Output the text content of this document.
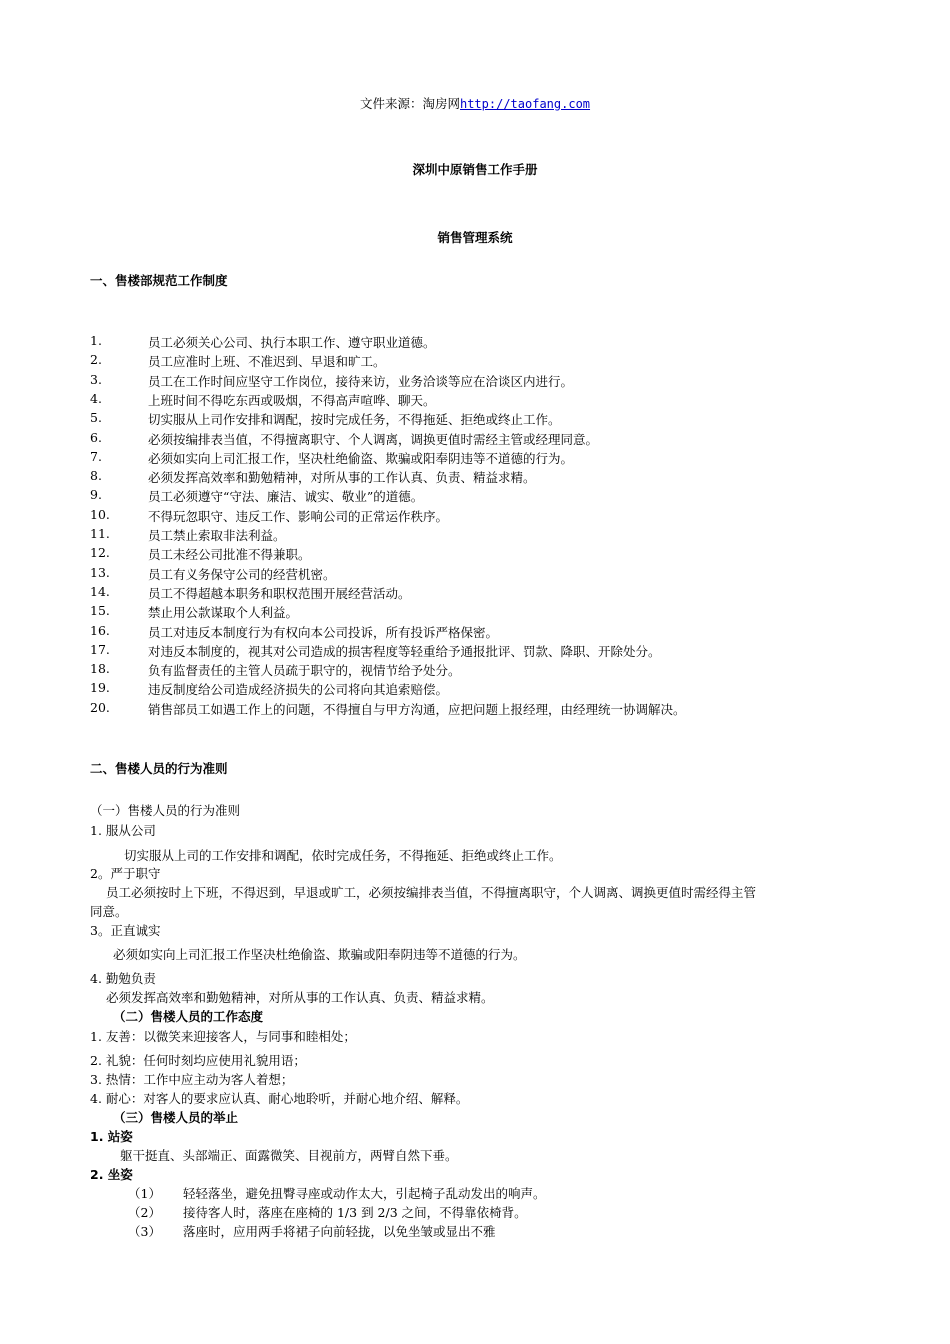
文件来源：淘房网http://taofang.com
深圳中原销售工作手册
销售管理系统
一、售楼部规范工作制度
1.	员工必须关心公司、执行本职工作、遵守职业道德。
2.	员工应准时上班、不准迟到、早退和旷工。
3.	员工在工作时间应坚守工作岗位，接待来访，业务洽谈等应在洽谈区内进行。
4.	上班时间不得吃东西或吸烟，不得高声喧哗、聊天。
5.	切实服从上司作安排和调配，按时完成任务，不得拖延、拒绝或终止工作。
6.	必须按编排表当值，不得擅离职守、个人调离，调换更值时需经主管或经理同意。
7.	必须如实向上司汇报工作，坚决杜绝偷盗、欺骗或阳奉阴违等不道德的行为。
8.	必须发挥高效率和勤勉精神，对所从事的工作认真、负责、精益求精。
9.	员工必须遵守“守法、廉洁、诚实、敬业”的道德。
10.	不得玩忽职守、违反工作、影响公司的正常运作秩序。
11.	员工禁止索取非法利益。
12.	员工未经公司批准不得兼职。
13.	员工有义务保守公司的经营机密。
14.	员工不得超越本职务和职权范围开展经营活动。
15.	禁止用公款谋取个人利益。
16.	员工对违反本制度行为有权向本公司投诉，所有投诉严格保密。
17.	对违反本制度的，视其对公司造成的损害程度等轻重给予通报批评、罚款、降职、开除处分。
18.	负有监督责任的主管人员疏于职守的，视情节给予处分。
19.	违反制度给公司造成经济损失的公司将向其追索赔偿。
20.	销售部员工如遇工作上的问题，不得擅自与甲方沟通，应把问题上报经理，由经理统一协调解决。
二、售楼人员的行为准则
（一）售楼人员的行为准则
1. 服从公司
切实服从上司的工作安排和调配，依时完成任务，不得拖延、拒绝或终止工作。
2。严于职守
员工必须按时上下班，不得迟到，早退或旷工，必须按编排表当值，不得擅离职守，个人调离、调换更值时需经得主管
同意。
3。正直诚实
必须如实向上司汇报工作坚决杜绝偷盗、欺骗或阳奉阴违等不道德的行为。
4. 勤勉负责
必须发挥高效率和勤勉精神，对所从事的工作认真、负责、精益求精。
（二）售楼人员的工作态度
1. 友善：以微笑来迎接客人，与同事和睦相处；
2. 礼貌：任何时刻均应使用礼貌用语；
3. 热情：工作中应主动为客人着想；
4. 耐心：对客人的要求应认真、耐心地聆听，并耐心地介绍、解释。
（三）售楼人员的举止
1. 站姿
躯干挺直、头部端正、面露微笑、目视前方，两臂自然下垂。
2. 坐姿
（1） 轻轻落坐，避免扭臀寻座或动作太大，引起椅子乱动发出的响声。
（2） 接待客人时，落座在座椅的 1/3 到 2/3 之间，不得靠依椅背。
（3） 落座时，应用两手将裙子向前轻拢，以免坐皱或显出不雅
